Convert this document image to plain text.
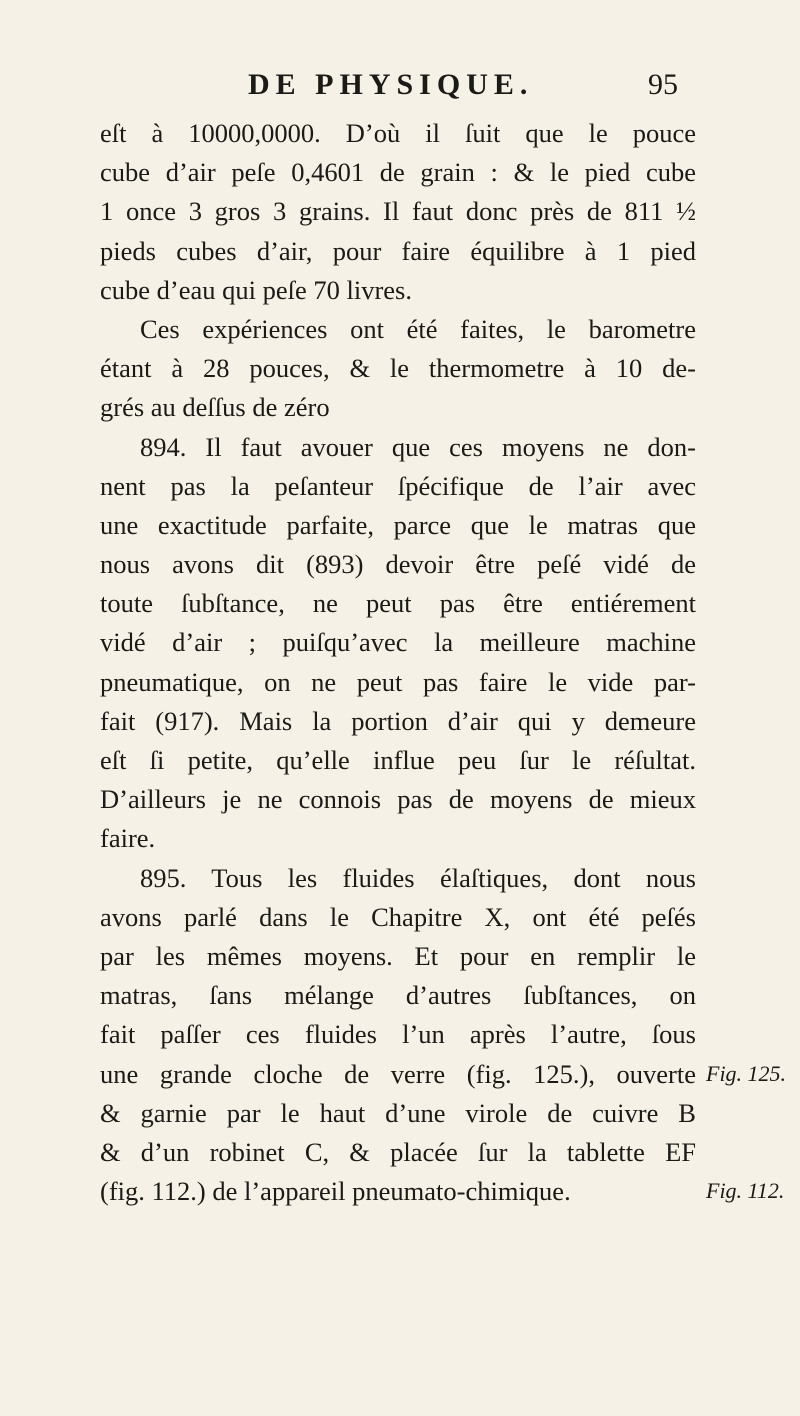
DE PHYSIQUE.	95
eſt à 10000,0000. D’où il ſuit que le pouce
cube d’air peſe 0,4601 de grain : & le pied cube
1 once 3 gros 3 grains. Il faut donc près de 811 ½
pieds cubes d’air, pour faire équilibre à 1 pied
cube d’eau qui peſe 70 livres.
Ces expériences ont été faites, le barometre
étant à 28 pouces, & le thermometre à 10 de-
grés au deſſus de zéro
894. Il faut avouer que ces moyens ne don-
nent pas la peſanteur ſpécifique de l’air avec
une exactitude parfaite, parce que le matras que
nous avons dit (893) devoir être peſé vidé de
toute ſubſtance, ne peut pas être entiérement
vidé d’air ; puiſqu’avec la meilleure machine
pneumatique, on ne peut pas faire le vide par-
fait (917). Mais la portion d’air qui y demeure
eſt ſi petite, qu’elle influe peu ſur le réſultat.
D’ailleurs je ne connois pas de moyens de mieux
faire.
895. Tous les fluides élaſtiques, dont nous
avons parlé dans le Chapitre X, ont été peſés
par les mêmes moyens. Et pour en remplir le
matras, ſans mélange d’autres ſubſtances, on
fait paſſer ces fluides l’un après l’autre, ſous
une grande cloche de verre (fig. 125.), ouverte
& garnie par le haut d’une virole de cuivre B
& d’un robinet C, & placée ſur la tablette EF
(fig. 112.) de l’appareil pneumato-chimique.
Fig. 125.
Fig. 112.
